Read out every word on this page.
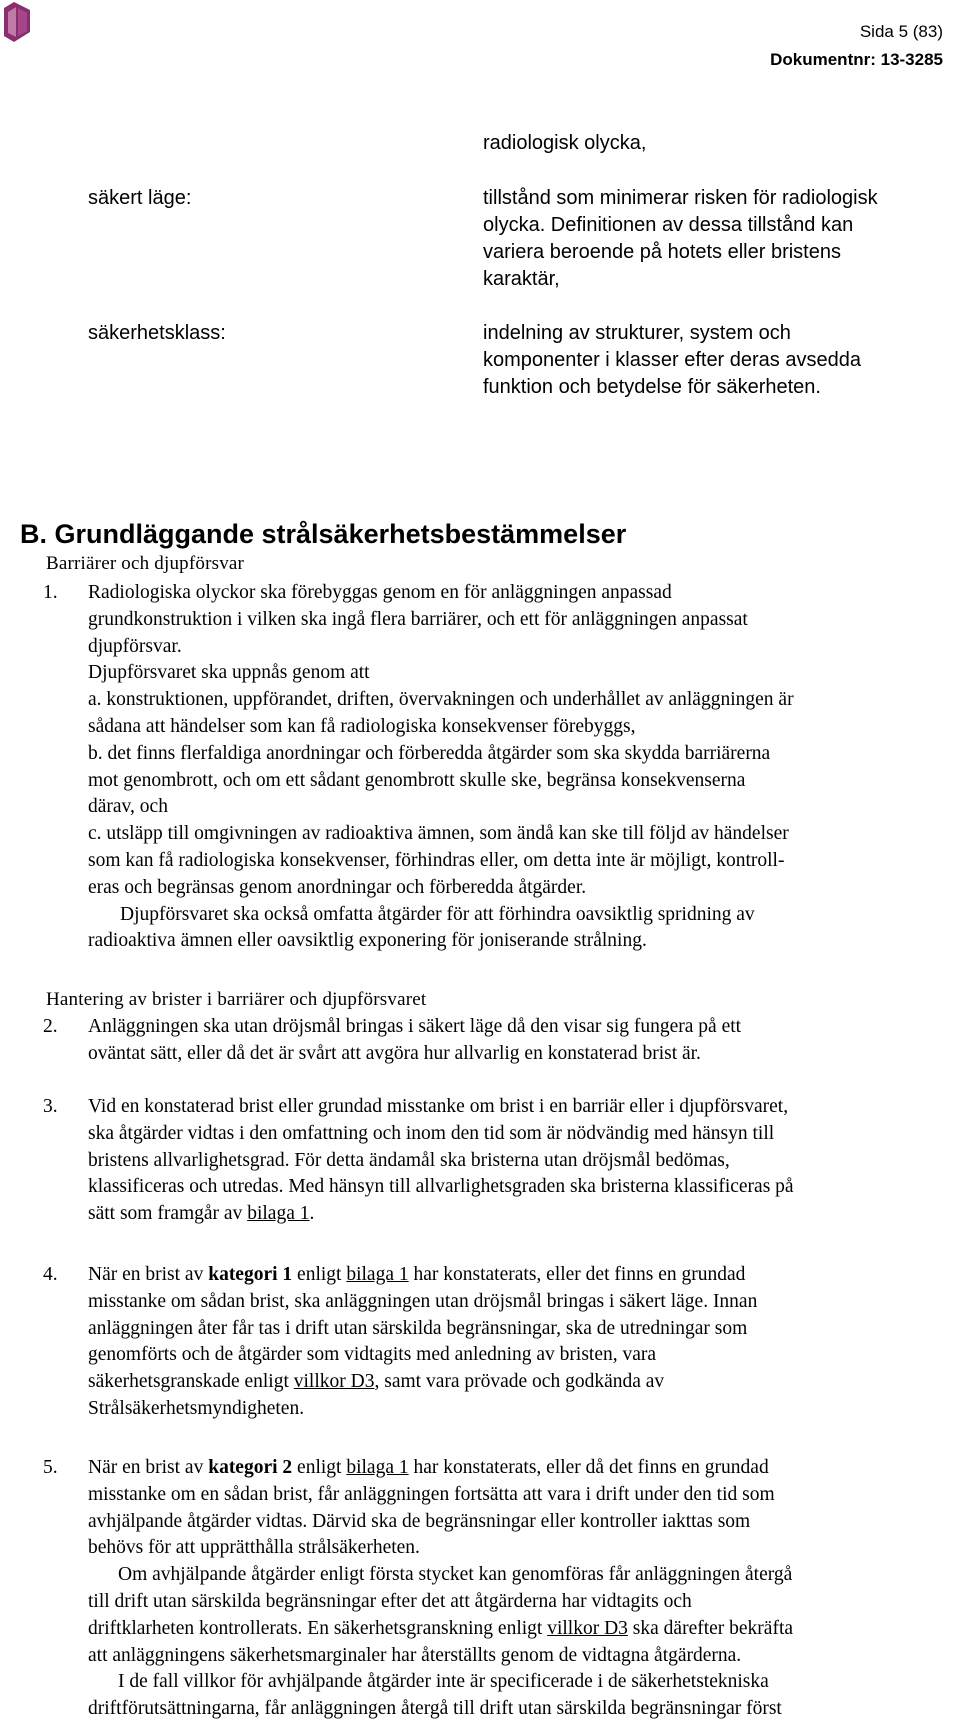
Sida 5 (83)
Dokumentnr: 13-3285
radiologisk olycka,
säkert läge:	tillstånd som minimerar risken för radiologisk
olycka. Definitionen av dessa tillstånd kan
variera beroende på hotets eller bristens
karaktär,
säkerhetsklass:	indelning av strukturer, system och
komponenter i klasser efter deras avsedda
funktion och betydelse för säkerheten.
B. Grundläggande strålsäkerhetsbestämmelser
Barriärer och djupförsvar
1. Radiologiska olyckor ska förebyggas genom en för anläggningen anpassad
grundkonstruktion i vilken ska ingå flera barriärer, och ett för anläggningen anpassat
djupförsvar.
Djupförsvaret ska uppnås genom att
a. konstruktionen, uppförandet, driften, övervakningen och underhållet av anläggningen är
sådana att händelser som kan få radiologiska konsekvenser förebyggs,
b. det finns flerfaldiga anordningar och förberedda åtgärder som ska skydda barriärerna
mot genombrott, och om ett sådant genombrott skulle ske, begränsa konsekvenserna
därav, och
c. utsläpp till omgivningen av radioaktiva ämnen, som ändå kan ske till följd av händelser
som kan få radiologiska konsekvenser, förhindras eller, om detta inte är möjligt, kontroll-
eras och begränsas genom anordningar och förberedda åtgärder.
Djupförsvaret ska också omfatta åtgärder för att förhindra oavsiktlig spridning av
radioaktiva ämnen eller oavsiktlig exponering för joniserande strålning.
Hantering av brister i barriärer och djupförsvaret
2. Anläggningen ska utan dröjsmål bringas i säkert läge då den visar sig fungera på ett
oväntat sätt, eller då det är svårt att avgöra hur allvarlig en konstaterad brist är.
3. Vid en konstaterad brist eller grundad misstanke om brist i en barriär eller i djupförsvaret,
ska åtgärder vidtas i den omfattning och inom den tid som är nödvändig med hänsyn till
bristens allvarlighetsgrad. För detta ändamål ska bristerna utan dröjsmål bedömas,
klassificeras och utredas. Med hänsyn till allvarlighetsgraden ska bristerna klassificeras på
sätt som framgår av bilaga 1.
4. När en brist av kategori 1 enligt bilaga 1 har konstaterats, eller det finns en grundad
misstanke om sådan brist, ska anläggningen utan dröjsmål bringas i säkert läge. Innan
anläggningen åter får tas i drift utan särskilda begränsningar, ska de utredningar som
genomförts och de åtgärder som vidtagits med anledning av bristen, vara
säkerhetsgranskade enligt villkor D3, samt vara prövade och godkända av
Strålsäkerhetsmyndigheten.
5. När en brist av kategori 2 enligt bilaga 1 har konstaterats, eller då det finns en grundad
misstanke om en sådan brist, får anläggningen fortsätta att vara i drift under den tid som
avhjälpande åtgärder vidtas. Därvid ska de begränsningar eller kontroller iakttas som
behövs för att upprätthålla strålsäkerheten.
Om avhjälpande åtgärder enligt första stycket kan genomföras får anläggningen återgå
till drift utan särskilda begränsningar efter det att åtgärderna har vidtagits och
driftklarheten kontrollerats. En säkerhetsgranskning enligt villkor D3 ska därefter bekräfta
att anläggningens säkerhetsmarginaler har återställts genom de vidtagna åtgärderna.
I de fall villkor för avhjälpande åtgärder inte är specificerade i de säkerhetstekniska
driftförutsättningarna, får anläggningen återgå till drift utan särskilda begränsningar först
